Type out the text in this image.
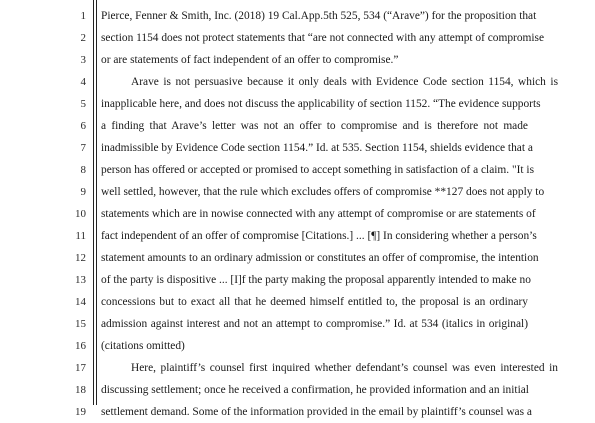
1 Pierce, Fenner & Smith, Inc. (2018) 19 Cal.App.5th 525, 534 (“Arave”) for the proposition that
2 section 1154 does not protect statements that “are not connected with any attempt of compromise
3 or are statements of fact independent of an offer to compromise.”
4	Arave is not persuasive because it only deals with Evidence Code section 1154, which is
5 inapplicable here, and does not discuss the applicability of section 1152. “The evidence supports
6 a finding that Arave’s letter was not an offer to compromise and is therefore not made
7 inadmissible by Evidence Code section 1154.” Id. at 535. Section 1154, shields evidence that a
8 person has offered or accepted or promised to accept something in satisfaction of a claim. "It is
9 well settled, however, that the rule which excludes offers of compromise **127 does not apply to
10 statements which are in nowise connected with any attempt of compromise or are statements of
11 fact independent of an offer of compromise [Citations.] ... [¶] In considering whether a person’s
12 statement amounts to an ordinary admission or constitutes an offer of compromise, the intention
13 of the party is dispositive ... [I]f the party making the proposal apparently intended to make no
14 concessions but to exact all that he deemed himself entitled to, the proposal is an ordinary
15 admission against interest and not an attempt to compromise.” Id. at 534 (italics in original)
16 (citations omitted)
17	Here, plaintiff’s counsel first inquired whether defendant’s counsel was even interested in
18 discussing settlement; once he received a confirmation, he provided information and an initial
19 settlement demand. Some of the information provided in the email by plaintiff’s counsel was a
